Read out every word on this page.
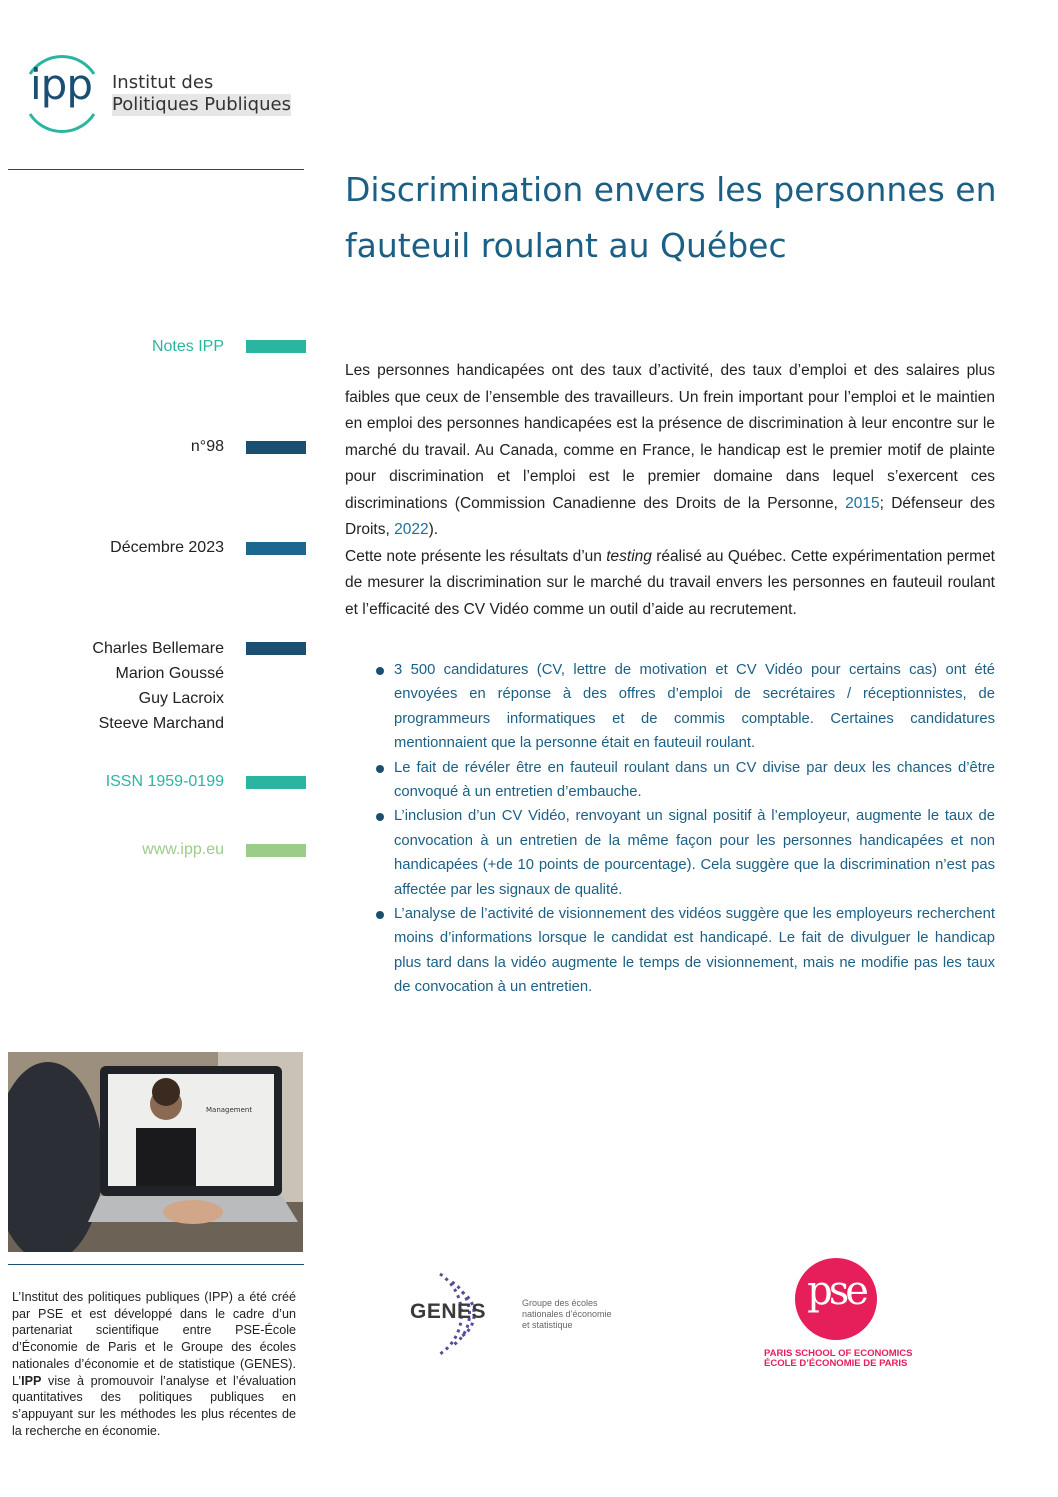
ipp Institut des
Politiques Publiques
Discrimination envers les personnes en fauteuil roulant au Québec
Notes IPP
n°98
Décembre 2023
Charles Bellemare
Marion Goussé
Guy Lacroix
Steeve Marchand
ISSN 1959-0199
www.ipp.eu

Les personnes handicapées ont des taux d’activité, des taux d’emploi et des salaires plus faibles que ceux de l’ensemble des travailleurs. Un frein important pour l’emploi et le maintien en emploi des personnes handicapées est la présence de discrimination à leur encontre sur le marché du travail. Au Canada, comme en France, le handicap est le premier motif de plainte pour discrimination et l’emploi est le premier domaine dans lequel s’exercent ces discriminations (Commission Canadienne des Droits de la Personne, 2015; Défenseur des Droits, 2022).

Cette note présente les résultats d’un testing réalisé au Québec. Cette expérimentation permet de mesurer la discrimination sur le marché du travail envers les personnes en fauteuil roulant et l’efficacité des CV Vidéo comme un outil d’aide au recrutement.

3 500 candidatures (CV, lettre de motivation et CV Vidéo pour certains cas) ont été envoyées en réponse à des offres d’emploi de secrétaires / réceptionnistes, de programmeurs informatiques et de commis comptable. Certaines candidatures mentionnaient que la personne était en fauteuil roulant.
Le fait de révéler être en fauteuil roulant dans un CV divise par deux les chances d’être convoqué à un entretien d’embauche.
L’inclusion d’un CV Vidéo, renvoyant un signal positif à l’employeur, augmente le taux de convocation à un entretien de la même façon pour les personnes handicapées et non handicapées (+de 10 points de pourcentage). Cela suggère que la discrimination n’est pas affectée par les signaux de qualité.
L’analyse de l’activité de visionnement des vidéos suggère que les employeurs recherchent moins d’informations lorsque le candidat est handicapé. Le fait de divulguer le handicap plus tard dans la vidéo augmente le temps de visionnement, mais ne modifie pas les taux de convocation à un entretien.
Management
L’Institut des politiques publiques (IPP) a été créé par PSE et est développé dans le cadre d’un partenariat scientifique entre PSE-École d’Économie de Paris et le Groupe des écoles nationales d’économie et de statistique (GENES). L’IPP vise à promouvoir l’analyse et l’évaluation quantitatives des politiques publiques en s’appuyant sur les méthodes les plus récentes de la recherche en économie.
GENES	Groupe des écoles
nationales d’économie
et statistique
pse
PARIS SCHOOL OF ECONOMICS
ÉCOLE D’ÉCONOMIE DE PARIS
